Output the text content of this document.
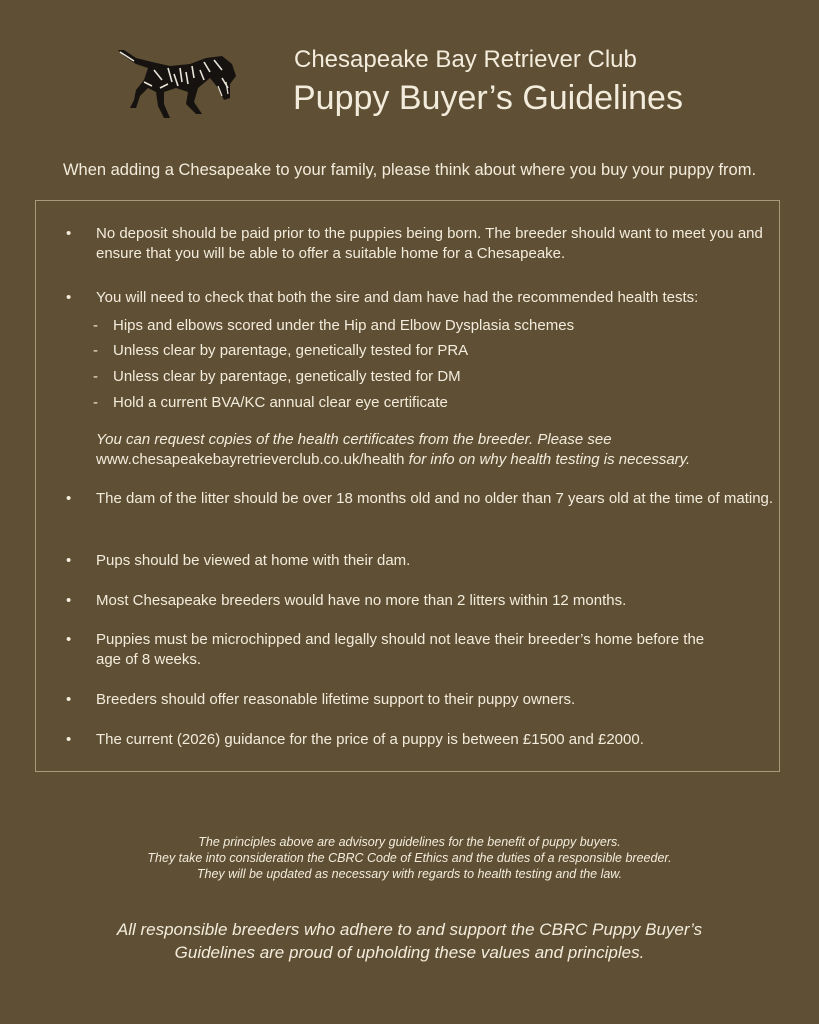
Chesapeake Bay Retriever Club
Puppy Buyer’s Guidelines
When adding a Chesapeake to your family, please think about where you buy your puppy from.
•	No deposit should be paid prior to the puppies being born. The breeder should want to meet you and ensure that you will be able to offer a suitable home for a Chesapeake.
•	You will need to check that both the sire and dam have had the recommended health tests:
- Hips and elbows scored under the Hip and Elbow Dysplasia schemes
- Unless clear by parentage, genetically tested for PRA
- Unless clear by parentage, genetically tested for DM
- Hold a current BVA/KC annual clear eye certificate
You can request copies of the health certificates from the breeder. Please see
www.chesapeakebayretrieverclub.co.uk/health for info on why health testing is necessary.
•	The dam of the litter should be over 18 months old and no older than 7 years old at the time of mating.
•	Pups should be viewed at home with their dam.
•	Most Chesapeake breeders would have no more than 2 litters within 12 months.
•	Puppies must be microchipped and legally should not leave their breeder’s home before the age of 8 weeks.
•	Breeders should offer reasonable lifetime support to their puppy owners.
•	The current (2026) guidance for the price of a puppy is between £1500 and £2000.
The principles above are advisory guidelines for the benefit of puppy buyers.
They take into consideration the CBRC Code of Ethics and the duties of a responsible breeder.
They will be updated as necessary with regards to health testing and the law.
All responsible breeders who adhere to and support the CBRC Puppy Buyer’s
Guidelines are proud of upholding these values and principles.
